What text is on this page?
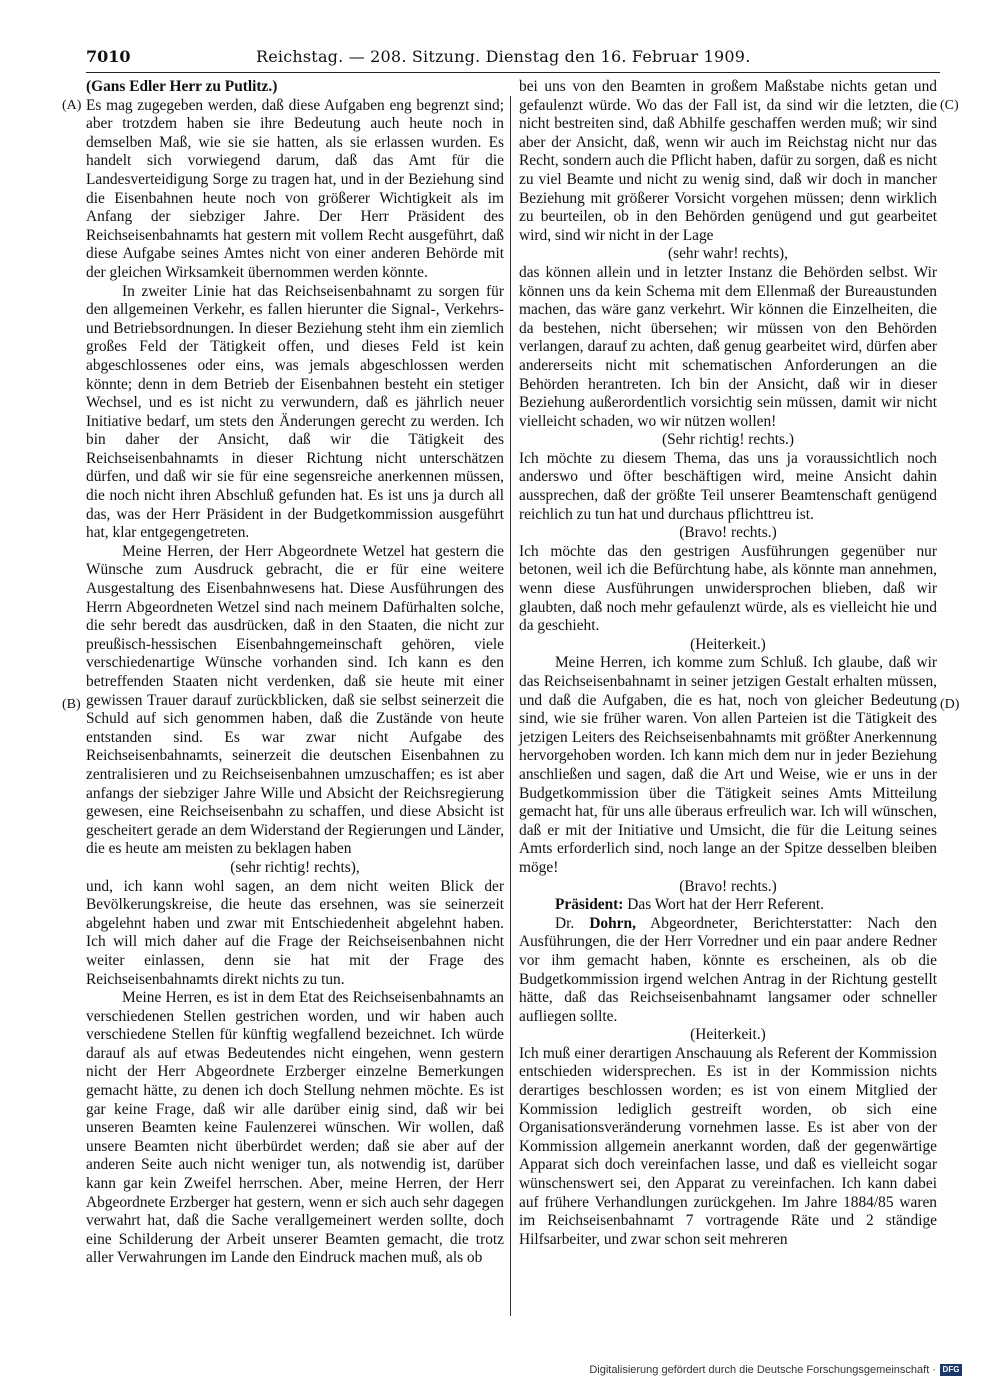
7010	Reichstag. — 208. Sitzung. Dienstag den 16. Februar 1909.
(A)
(B)
(C)
(D)

(Gans Edler Herr zu Putlitz.)

Es mag zugegeben werden, daß diese Aufgaben eng begrenzt sind; aber trotzdem haben sie ihre Bedeutung auch heute noch in demselben Maß, wie sie sie hatten, als sie erlassen wurden. Es handelt sich vorwiegend darum, daß das Amt für die Landesverteidigung Sorge zu tragen hat, und in der Beziehung sind die Eisenbahnen heute noch von größerer Wichtigkeit als im Anfang der siebziger Jahre. Der Herr Präsident des Reichseisenbahnamts hat gestern mit vollem Recht ausgeführt, daß diese Aufgabe seines Amtes nicht von einer anderen Behörde mit der gleichen Wirksamkeit übernommen werden könnte.

In zweiter Linie hat das Reichseisenbahnamt zu sorgen für den allgemeinen Verkehr, es fallen hierunter die Signal-, Verkehrs- und Betriebsordnungen. In dieser Beziehung steht ihm ein ziemlich großes Feld der Tätigkeit offen, und dieses Feld ist kein abgeschlossenes oder eins, was jemals abgeschlossen werden könnte; denn in dem Betrieb der Eisenbahnen besteht ein stetiger Wechsel, und es ist nicht zu verwundern, daß es jährlich neuer Initiative bedarf, um stets den Änderungen gerecht zu werden. Ich bin daher der Ansicht, daß wir die Tätigkeit des Reichseisenbahnamts in dieser Richtung nicht unterschätzen dürfen, und daß wir sie für eine segensreiche anerkennen müssen, die noch nicht ihren Abschluß gefunden hat. Es ist uns ja durch all das, was der Herr Präsident in der Budgetkommission ausgeführt hat, klar entgegengetreten.

Meine Herren, der Herr Abgeordnete Wetzel hat gestern die Wünsche zum Ausdruck gebracht, die er für eine weitere Ausgestaltung des Eisenbahnwesens hat. Diese Ausführungen des Herrn Abgeordneten Wetzel sind nach meinem Dafürhalten solche, die sehr beredt das ausdrücken, daß in den Staaten, die nicht zur preußisch-hessischen Eisenbahngemeinschaft gehören, viele verschiedenartige Wünsche vorhanden sind. Ich kann es den betreffenden Staaten nicht verdenken, daß sie heute mit einer gewissen Trauer darauf zurückblicken, daß sie selbst seinerzeit die Schuld auf sich genommen haben, daß die Zustände von heute entstanden sind. Es war zwar nicht Aufgabe des Reichseisenbahnamts, seinerzeit die deutschen Eisenbahnen zu zentralisieren und zu Reichseisenbahnen umzuschaffen; es ist aber anfangs der siebziger Jahre Wille und Absicht der Reichsregierung gewesen, eine Reichseisenbahn zu schaffen, und diese Absicht ist gescheitert gerade an dem Widerstand der Regierungen und Länder, die es heute am meisten zu beklagen haben

(sehr richtig! rechts),

und, ich kann wohl sagen, an dem nicht weiten Blick der Bevölkerungskreise, die heute das ersehnen, was sie seinerzeit abgelehnt haben und zwar mit Entschiedenheit abgelehnt haben. Ich will mich daher auf die Frage der Reichseisenbahnen nicht weiter einlassen, denn sie hat mit der Frage des Reichseisenbahnamts direkt nichts zu tun.

Meine Herren, es ist in dem Etat des Reichseisenbahnamts an verschiedenen Stellen gestrichen worden, und wir haben auch verschiedene Stellen für künftig wegfallend bezeichnet. Ich würde darauf als auf etwas Bedeutendes nicht eingehen, wenn gestern nicht der Herr Abgeordnete Erzberger einzelne Bemerkungen gemacht hätte, zu denen ich doch Stellung nehmen möchte. Es ist gar keine Frage, daß wir alle darüber einig sind, daß wir bei unseren Beamten keine Faulenzerei wünschen. Wir wollen, daß unsere Beamten nicht überbürdet werden; daß sie aber auf der anderen Seite auch nicht weniger tun, als notwendig ist, darüber kann gar kein Zweifel herrschen. Aber, meine Herren, der Herr Abgeordnete Erzberger hat gestern, wenn er sich auch sehr dagegen verwahrt hat, daß die Sache verallgemeinert werden sollte, doch eine Schilderung der Arbeit unserer Beamten gemacht, die trotz aller Verwahrungen im Lande den Eindruck machen muß, als ob

bei uns von den Beamten in großem Maßstabe nichts getan und gefaulenzt würde. Wo das der Fall ist, da sind wir die letzten, die nicht bestreiten sind, daß Abhilfe geschaffen werden muß; wir sind aber der Ansicht, daß, wenn wir auch im Reichstag nicht nur das Recht, sondern auch die Pflicht haben, dafür zu sorgen, daß es nicht zu viel Beamte und nicht zu wenig sind, daß wir doch in mancher Beziehung mit größerer Vorsicht vorgehen müssen; denn wirklich zu beurteilen, ob in den Behörden genügend und gut gearbeitet wird, sind wir nicht in der Lage

(sehr wahr! rechts),

das können allein und in letzter Instanz die Behörden selbst. Wir können uns da kein Schema mit dem Ellenmaß der Bureaustunden machen, das wäre ganz verkehrt. Wir können die Einzelheiten, die da bestehen, nicht übersehen; wir müssen von den Behörden verlangen, darauf zu achten, daß genug gearbeitet wird, dürfen aber andererseits nicht mit schematischen Anforderungen an die Behörden herantreten. Ich bin der Ansicht, daß wir in dieser Beziehung außerordentlich vorsichtig sein müssen, damit wir nicht vielleicht schaden, wo wir nützen wollen!

(Sehr richtig! rechts.)

Ich möchte zu diesem Thema, das uns ja voraussichtlich noch anderswo und öfter beschäftigen wird, meine Ansicht dahin aussprechen, daß der größte Teil unserer Beamtenschaft genügend reichlich zu tun hat und durchaus pflichttreu ist.

(Bravo! rechts.)

Ich möchte das den gestrigen Ausführungen gegenüber nur betonen, weil ich die Befürchtung habe, als könnte man annehmen, wenn diese Ausführungen unwidersprochen blieben, daß wir glaubten, daß noch mehr gefaulenzt würde, als es vielleicht hie und da geschieht.

(Heiterkeit.)

Meine Herren, ich komme zum Schluß. Ich glaube, daß wir das Reichseisenbahnamt in seiner jetzigen Gestalt erhalten müssen, und daß die Aufgaben, die es hat, noch von gleicher Bedeutung sind, wie sie früher waren. Von allen Parteien ist die Tätigkeit des jetzigen Leiters des Reichseisenbahnamts mit größter Anerkennung hervorgehoben worden. Ich kann mich dem nur in jeder Beziehung anschließen und sagen, daß die Art und Weise, wie er uns in der Budgetkommission über die Tätigkeit seines Amts Mitteilung gemacht hat, für uns alle überaus erfreulich war. Ich will wünschen, daß er mit der Initiative und Umsicht, die für die Leitung seines Amts erforderlich sind, noch lange an der Spitze desselben bleiben möge!

(Bravo! rechts.)

Präsident: Das Wort hat der Herr Referent.

Dr. Dohrn, Abgeordneter, Berichterstatter: Nach den Ausführungen, die der Herr Vorredner und ein paar andere Redner vor ihm gemacht haben, könnte es erscheinen, als ob die Budgetkommission irgend welchen Antrag in der Richtung gestellt hätte, daß das Reichseisenbahnamt langsamer oder schneller aufliegen sollte.

(Heiterkeit.)

Ich muß einer derartigen Anschauung als Referent der Kommission entschieden widersprechen. Es ist in der Kommission nichts derartiges beschlossen worden; es ist von einem Mitglied der Kommission lediglich gestreift worden, ob sich eine Organisationsveränderung vornehmen lasse. Es ist aber von der Kommission allgemein anerkannt worden, daß der gegenwärtige Apparat sich doch vereinfachen lasse, und daß es vielleicht sogar wünschenswert sei, den Apparat zu vereinfachen. Ich kann dabei auf frühere Verhandlungen zurückgehen. Im Jahre 1884/85 waren im Reichseisenbahnamt 7 vortragende Räte und 2 ständige Hilfsarbeiter, und zwar schon seit mehreren

Digitalisierung gefördert durch die Deutsche Forschungsgemeinschaft · DFG
